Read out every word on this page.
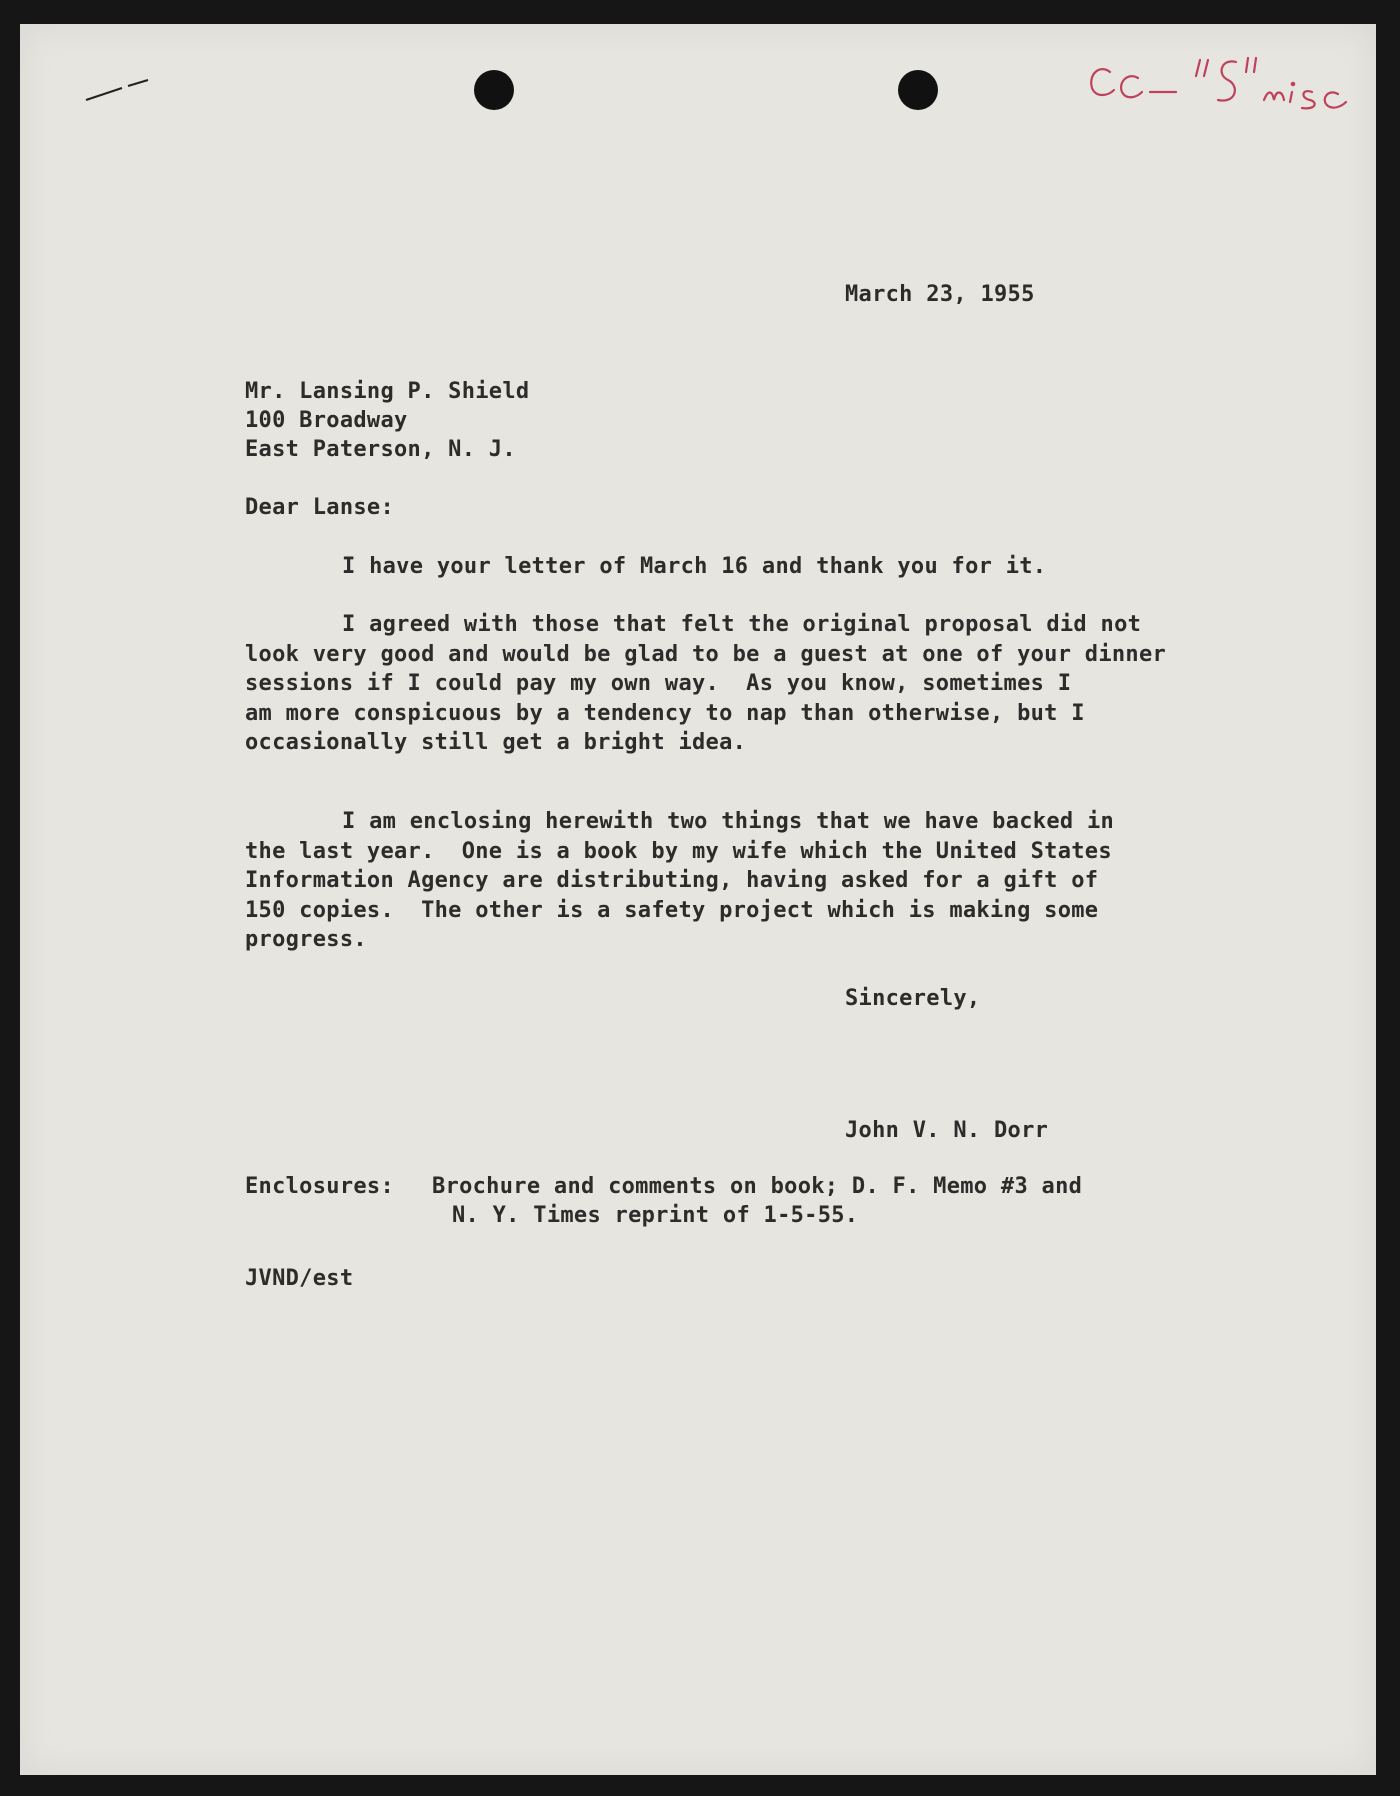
March 23, 1955
Mr. Lansing P. Shield
100 Broadway
East Paterson, N. J.
Dear Lanse:
I have your letter of March 16 and thank you for it.
I agreed with those that felt the original proposal did not
look very good and would be glad to be a guest at one of your dinner
sessions if I could pay my own way.  As you know, sometimes I
am more conspicuous by a tendency to nap than otherwise, but I
occasionally still get a bright idea.
I am enclosing herewith two things that we have backed in
the last year.  One is a book by my wife which the United States
Information Agency are distributing, having asked for a gift of
150 copies.  The other is a safety project which is making some
progress.
Sincerely,
John V. N. Dorr
Enclosures: Brochure and comments on book; D. F. Memo #3 and
N. Y. Times reprint of 1-5-55.
JVND/est
